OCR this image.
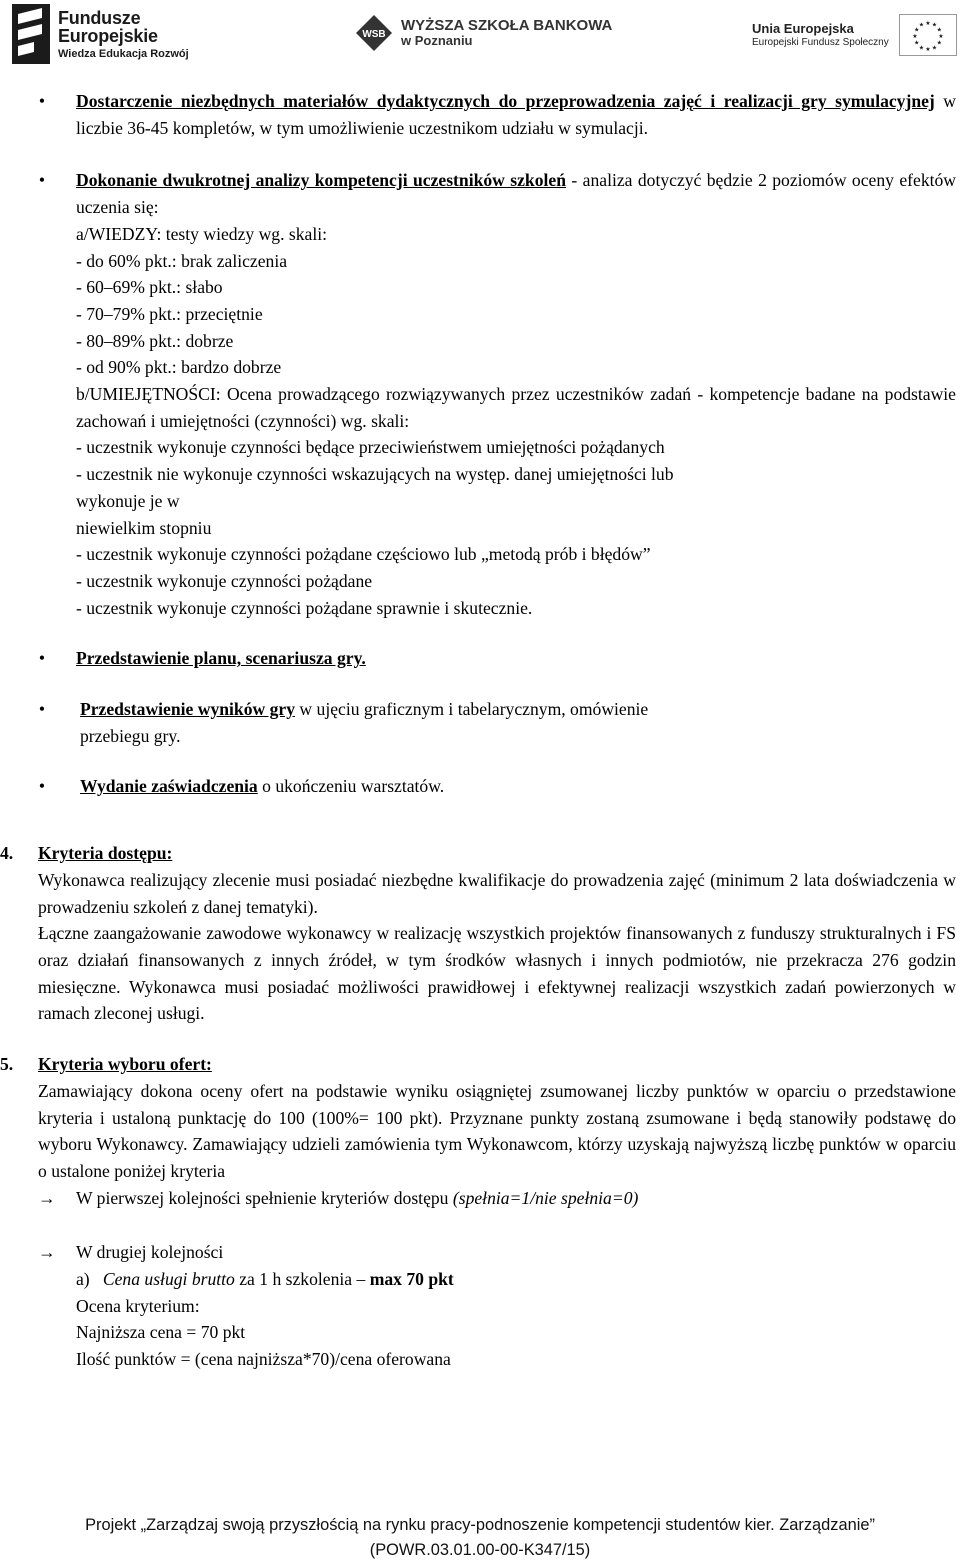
Fundusze
Europejskie
Wiedza Edukacja Rozwój
WSB
WYŻSZA SZKOŁA BANKOWA
w Poznaniu
Unia Europejska
Europejski Fundusz Społeczny
★ ★
★
★
★
★
★
★
★
★
★
★

• Dostarczenie niezbędnych materiałów dydaktycznych do przeprowadzenia zajęć i realizacji gry symulacyjnej w liczbie 36-45 kompletów, w tym umożliwienie uczestnikom udziału w symulacji.

• Dokonanie dwukrotnej analizy kompetencji uczestników szkoleń - analiza dotyczyć będzie 2 poziomów oceny efektów uczenia się:

a/WIEDZY: testy wiedzy wg. skali:

- do 60% pkt.: brak zaliczenia

- 60–69% pkt.: słabo

- 70–79% pkt.: przeciętnie

- 80–89% pkt.: dobrze

- od 90% pkt.: bardzo dobrze

b/UMIEJĘTNOŚCI: Ocena prowadzącego rozwiązywanych przez uczestników zadań - kompetencje badane na podstawie zachowań i umiejętności (czynności) wg. skali:

- uczestnik wykonuje czynności będące przeciwieństwem umiejętności pożądanych

- uczestnik nie wykonuje czynności wskazujących na występ. danej umiejętności lub

wykonuje je w

niewielkim stopniu

- uczestnik wykonuje czynności pożądane częściowo lub „metodą prób i błędów”

- uczestnik wykonuje czynności pożądane

- uczestnik wykonuje czynności pożądane sprawnie i skutecznie.

• Przedstawienie planu, scenariusza gry.

• Przedstawienie wyników gry w ujęciu graficznym i tabelarycznym, omówienie

przebiegu gry.

• Wydanie zaświadczenia o ukończeniu warsztatów.

4. Kryteria dostępu:

Wykonawca realizujący zlecenie musi posiadać niezbędne kwalifikacje do prowadzenia zajęć (minimum 2 lata doświadczenia w prowadzeniu szkoleń z danej tematyki).

Łączne zaangażowanie zawodowe wykonawcy w realizację wszystkich projektów finansowanych z funduszy strukturalnych i FS oraz działań finansowanych z innych źródeł, w tym środków własnych i innych podmiotów, nie przekracza 276 godzin miesięczne. Wykonawca musi posiadać możliwości prawidłowej i efektywnej realizacji wszystkich zadań powierzonych w ramach zleconej usługi.

5. Kryteria wyboru ofert:

Zamawiający dokona oceny ofert na podstawie wyniku osiągniętej zsumowanej liczby punktów w oparciu o przedstawione kryteria i ustaloną punktację do 100 (100%= 100 pkt). Przyznane punkty zostaną zsumowane i będą stanowiły podstawę do wyboru Wykonawcy. Zamawiający udzieli zamówienia tym Wykonawcom, którzy uzyskają najwyższą liczbę punktów w oparciu o ustalone poniżej kryteria

→ W pierwszej kolejności spełnienie kryteriów dostępu (spełnia=1/nie spełnia=0)

→ W drugiej kolejności

a) Cena usługi brutto za 1 h szkolenia – max 70 pkt

Ocena kryterium:

Najniższa cena = 70 pkt

Ilość punktów = (cena najniższa*70)/cena oferowana

Projekt „Zarządzaj swoją przyszłością na rynku pracy-podnoszenie kompetencji studentów kier. Zarządzanie”
(POWR.03.01.00-00-K347/15)
